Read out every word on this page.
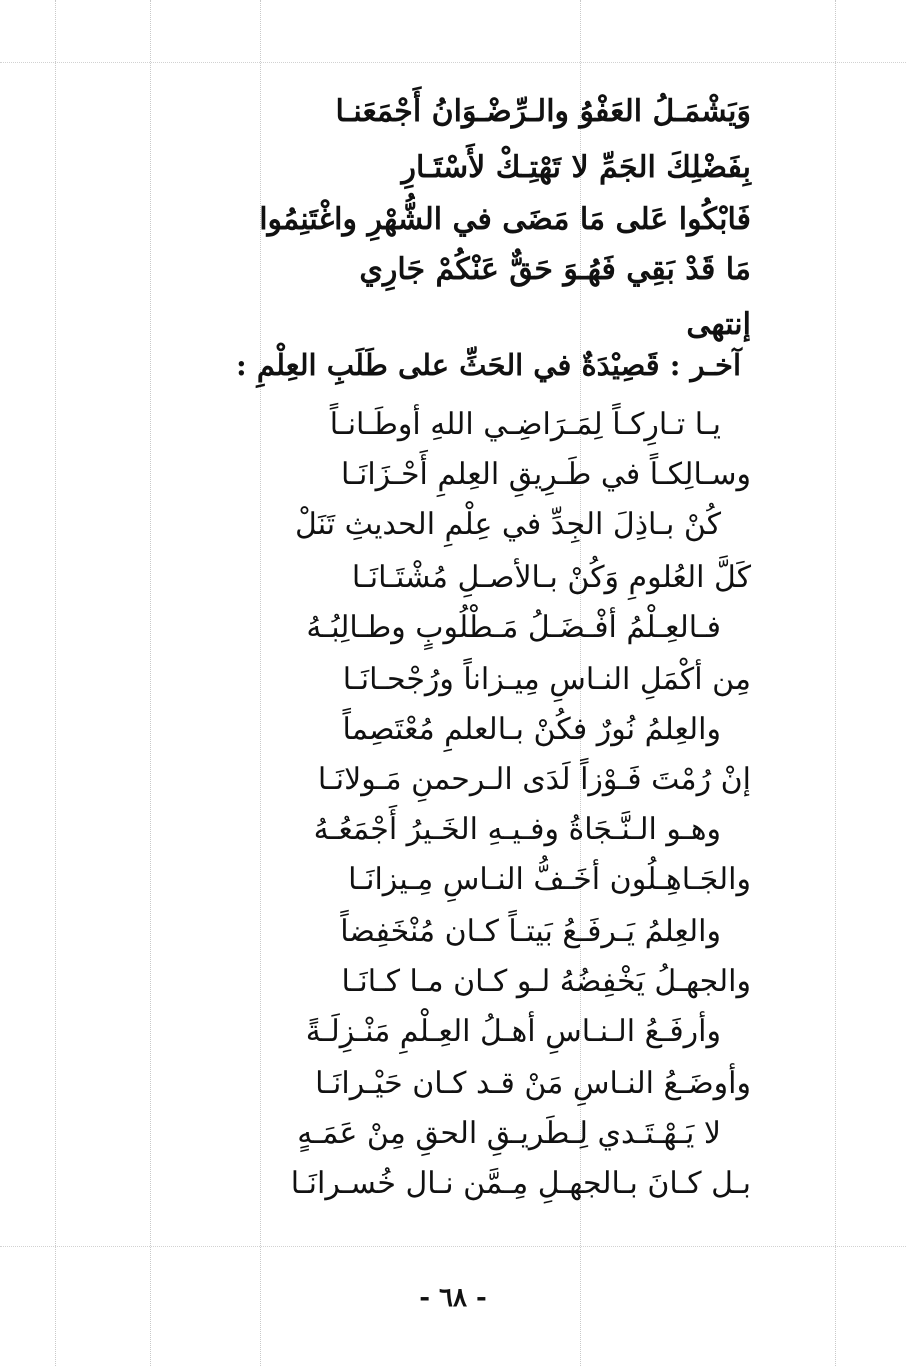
وَيَشْمَـلُ العَفْوُ والـرِّضْـوَانُ أَجْمَعَنـا
بِفَضْلِكَ الجَمِّ لا تَهْتِـكْ لأَسْتَـارِ
فَابْكُوا عَلى مَا مَضَى في الشُّهْرِ واغْتَنِمُوا
مَا قَدْ بَقِي فَهُـوَ حَقٌّ عَنْكُمْ جَارِي
إنتهى
آخـر : قَصِيْدَةٌ في الحَثِّ على طَلَبِ العِلْمِ :
يـا تـارِكـاً لِمَـرَاضِـي اللهِ أوطَـانـاً
وسـالِكـاً في طَـرِيقِ العِلمِ أَحْـزَانَـا
كُنْ بـاذِلَ الجِدِّ في عِلْمِ الحديثِ تَنَلْ
كَلَّ العُلومِ وَكُنْ بـالأصـلِ مُشْتَـانَـا
فـالعِـلْمُ أفْـضَـلُ مَـطْلُوبٍ وطـالِبُـهُ
مِن أكْمَلِ النـاسِ مِيـزاناً ورُجْحـانَـا
والعِلمُ نُورٌ فكُنْ بـالعلمِ مُعْتَصِماً
إنْ رُمْتَ فَـوْزاً لَدَى الـرحمنِ مَـولانَـا
وهـو الـنَّـجَاةُ وفـيـهِ الخَـيرُ أَجْمَعُـهُ
والجَـاهِـلُون أخَـفُّ النـاسِ مِـيزانَـا
والعِلمُ يَـرفَـعُ بَيتـاً كـان مُنْخَفِضاً
والجهـلُ يَخْفِضُهُ لـو كـان مـا كـانَـا
وأرفَـعُ الـنـاسِ أهـلُ العِـلْمِ مَنْـزِلَـةً
وأوضَـعُ النـاسِ مَنْ قـد كـان حَيْـرانَـا
لا يَـهْـتَـدي لِـطَريـقِ الحقِ مِنْ عَمَـهٍ
بـل كـانَ بـالجهـلِ مِـمَّن نـال خُسـرانَـا
- ٦٨ -
